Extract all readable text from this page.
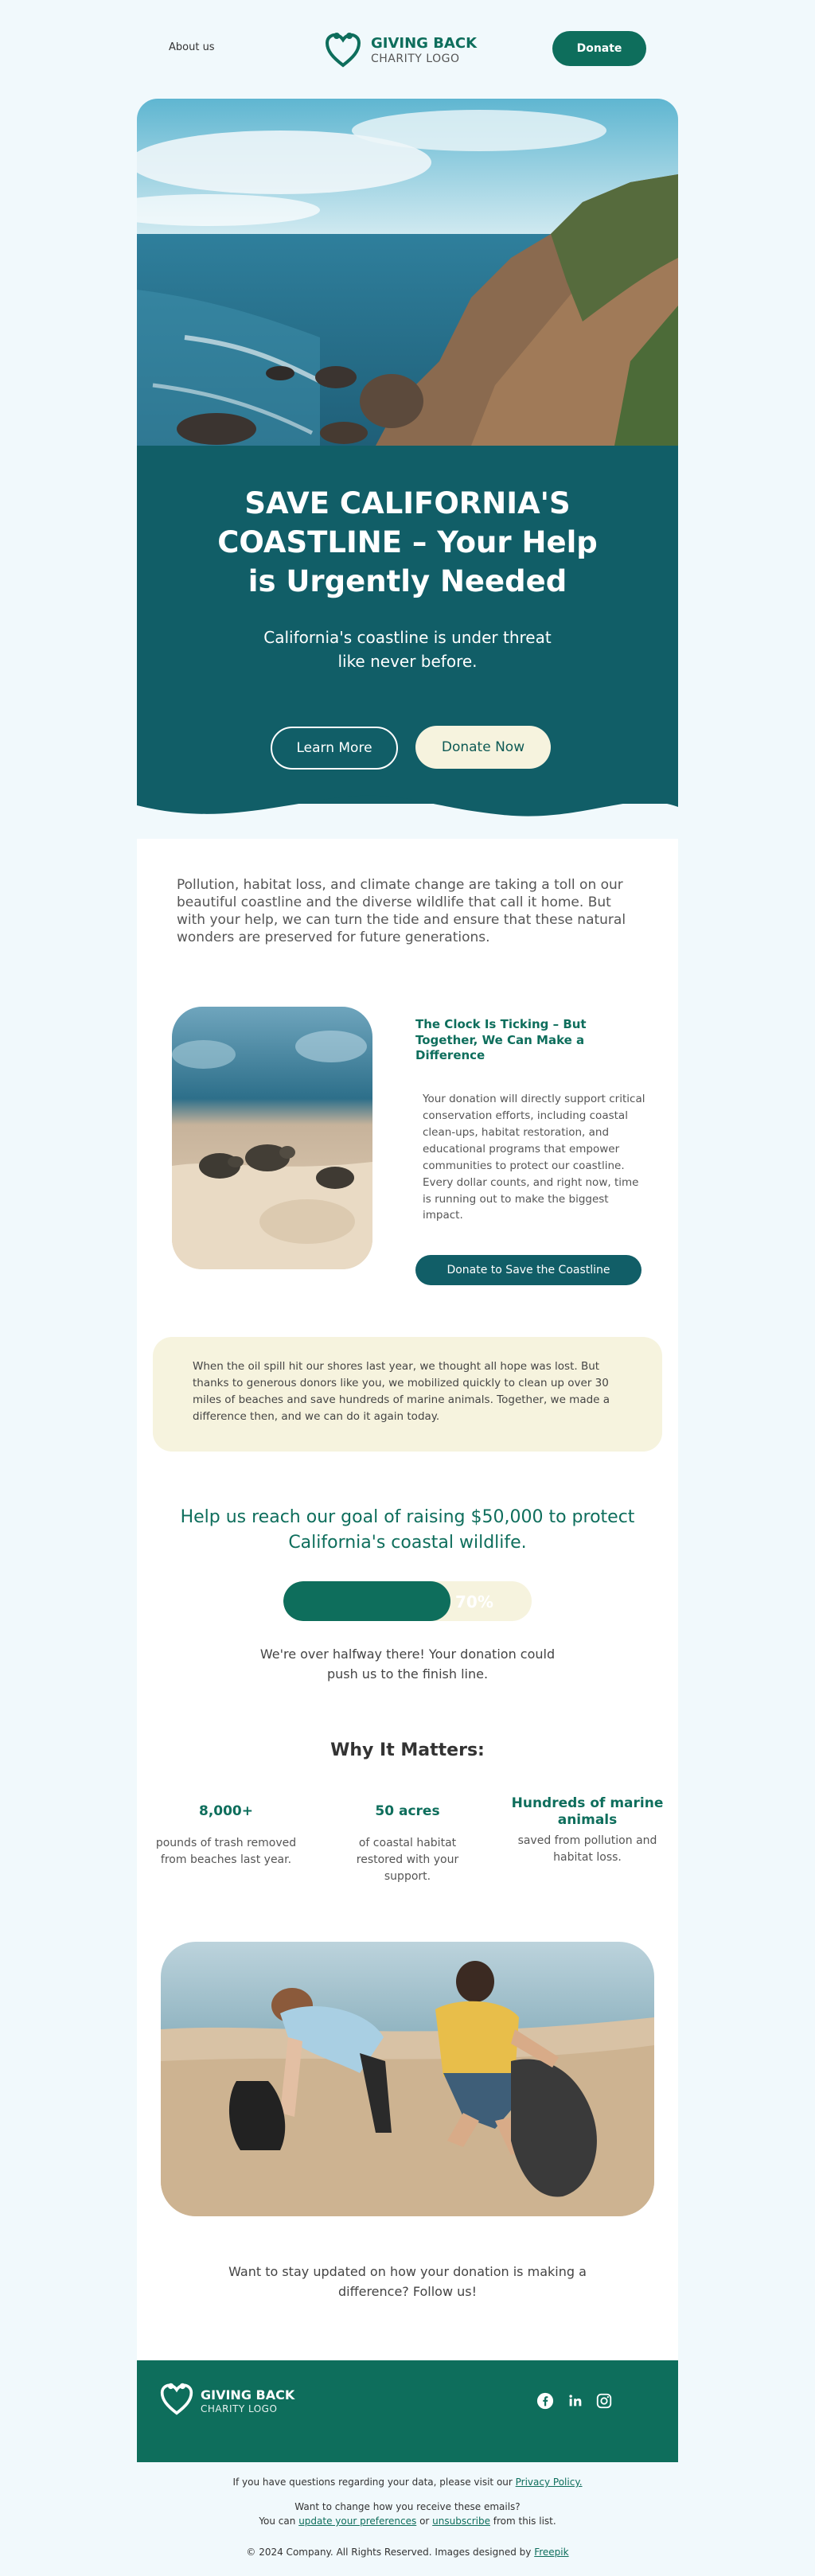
About us	GIVING BACK
CHARITY LOGO
Donate
SAVE CALIFORNIA'S COASTLINE – Your Help is Urgently Needed
California's coastline is under threat
like never before.
Learn More	Donate Now
Pollution, habitat loss, and climate change are taking a toll on our beautiful coastline and the diverse wildlife that call it home. But with your help, we can turn the tide and ensure that these natural wonders are preserved for future generations.
The Clock Is Ticking – But Together, We Can Make a Difference
Your donation will directly support critical conservation efforts, including coastal clean-ups, habitat restoration, and educational programs that empower communities to protect our coastline. Every dollar counts, and right now, time is running out to make the biggest impact.
Donate to Save the Coastline
When the oil spill hit our shores last year, we thought all hope was lost. But thanks to generous donors like you, we mobilized quickly to clean up over 30 miles of beaches and save hundreds of marine animals. Together, we made a difference then, and we can do it again today.
Help us reach our goal of raising $50,000 to protect California's coastal wildlife.
70%
We're over halfway there! Your donation could push us to the finish line.
Why It Matters:
8,000+
pounds of trash removed from beaches last year.
50 acres
of coastal habitat restored with your support.
Hundreds of marine animals
saved from pollution and habitat loss.
Want to stay updated on how your donation is making a difference? Follow us!
GIVING BACK
CHARITY LOGO
If you have questions regarding your data, please visit our Privacy Policy.
Want to change how you receive these emails?
You can update your preferences or unsubscribe from this list.
© 2024 Company. All Rights Reserved. Images designed by Freepik
